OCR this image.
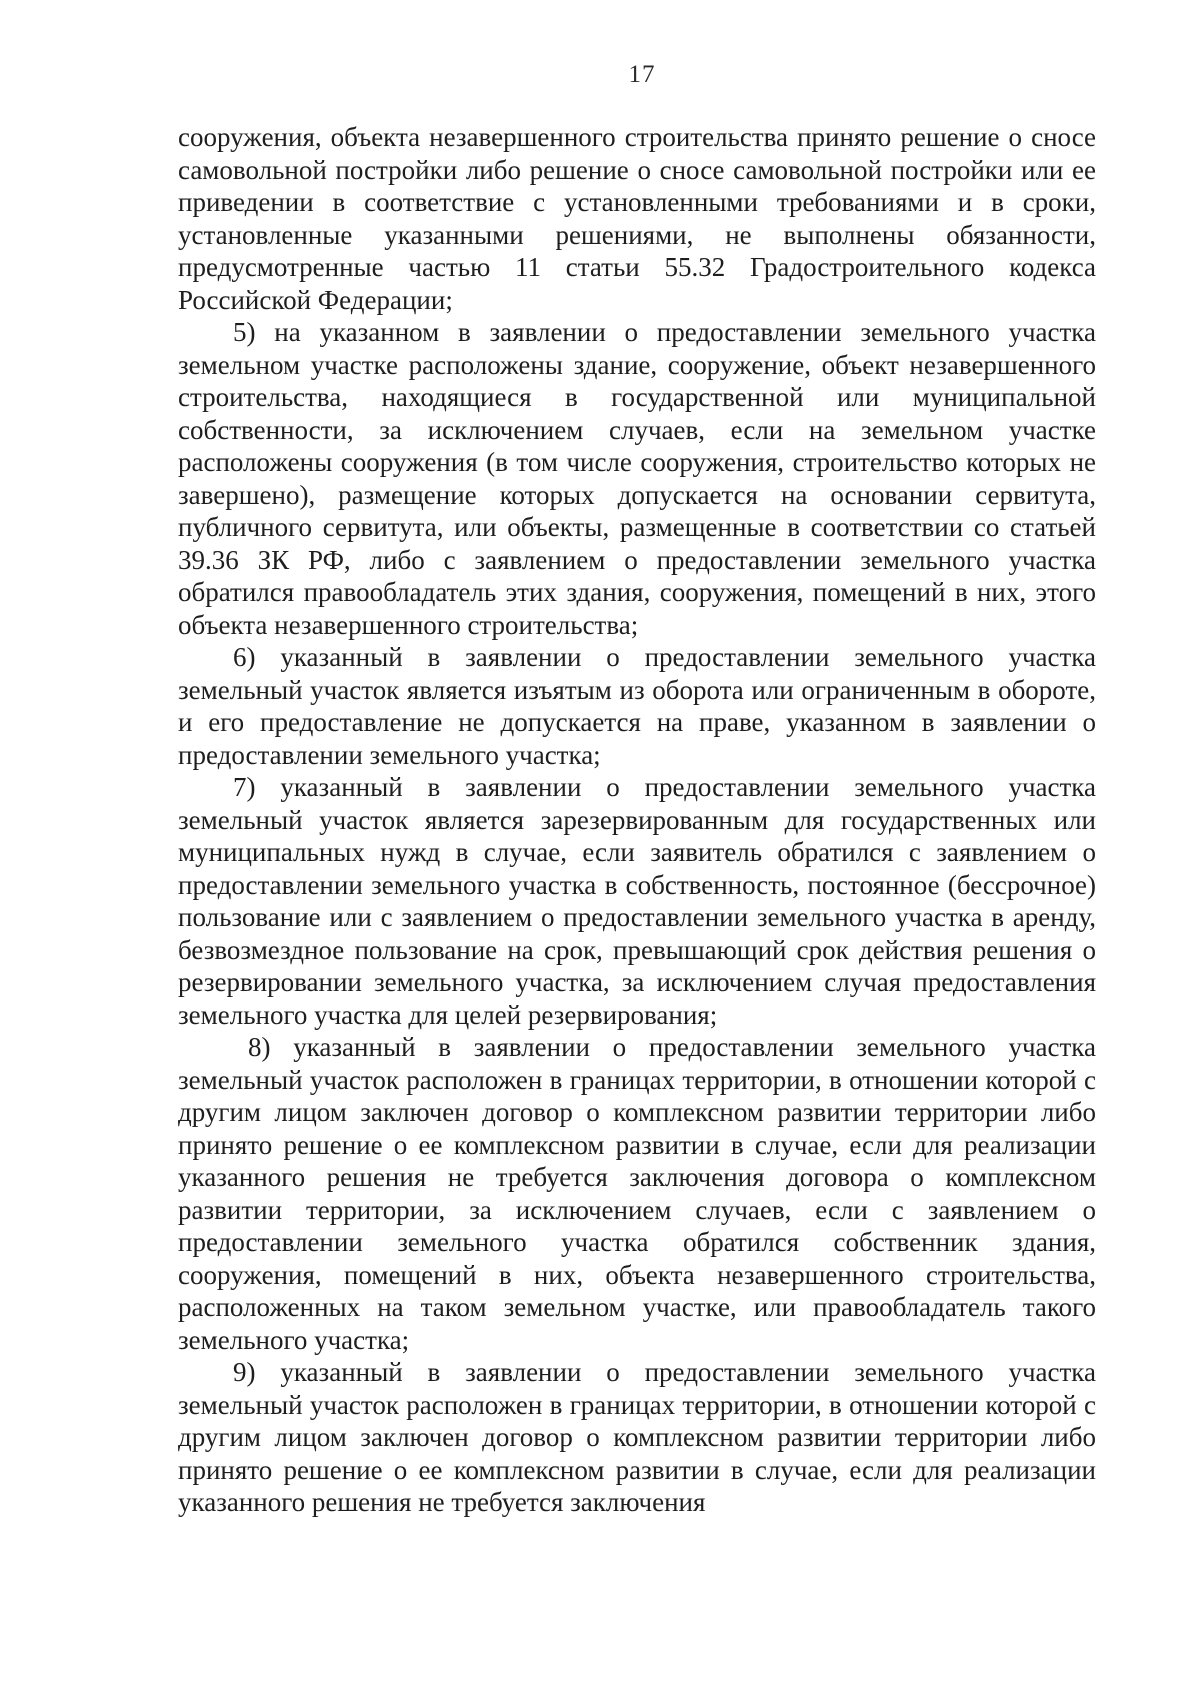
17

сооружения, объекта незавершенного строительства принято решение о сносе самовольной постройки либо решение о сносе самовольной постройки или ее приведении в соответствие с установленными требованиями и в сроки, установленные указанными решениями, не выполнены обязанности, предусмотренные частью 11 статьи 55.32 Градостроительного кодекса Российской Федерации;

5) на указанном в заявлении о предоставлении земельного участка земельном участке расположены здание, сооружение, объект незавершенного строительства, находящиеся в государственной или муниципальной собственности, за исключением случаев, если на земельном участке расположены сооружения (в том числе сооружения, строительство которых не завершено), размещение которых допускается на основании сервитута, публичного сервитута, или объекты, размещенные в соответствии со статьей 39.36 ЗК РФ, либо с заявлением о предоставлении земельного участка обратился правообладатель этих здания, сооружения, помещений в них, этого объекта незавершенного строительства;

6) указанный в заявлении о предоставлении земельного участка земельный участок является изъятым из оборота или ограниченным в обороте, и его предоставление не допускается на праве, указанном в заявлении о предоставлении земельного участка;

7) указанный в заявлении о предоставлении земельного участка земельный участок является зарезервированным для государственных или муниципальных нужд в случае, если заявитель обратился с заявлением о предоставлении земельного участка в собственность, постоянное (бессрочное) пользование или с заявлением о предоставлении земельного участка в аренду, безвозмездное пользование на срок, превышающий срок действия решения о резервировании земельного участка, за исключением случая предоставления земельного участка для целей резервирования;

8) указанный в заявлении о предоставлении земельного участка земельный участок расположен в границах территории, в отношении которой с другим лицом заключен договор о комплексном развитии территории либо принято решение о ее комплексном развитии в случае, если для реализации указанного решения не требуется заключения договора о комплексном развитии территории, за исключением случаев, если с заявлением о предоставлении земельного участка обратился собственник здания, сооружения, помещений в них, объекта незавершенного строительства, расположенных на таком земельном участке, или правообладатель такого земельного участка;

9) указанный в заявлении о предоставлении земельного участка земельный участок расположен в границах территории, в отношении которой с другим лицом заключен договор о комплексном развитии территории либо принято решение о ее комплексном развитии в случае, если для реализации указанного решения не требуется заключения
